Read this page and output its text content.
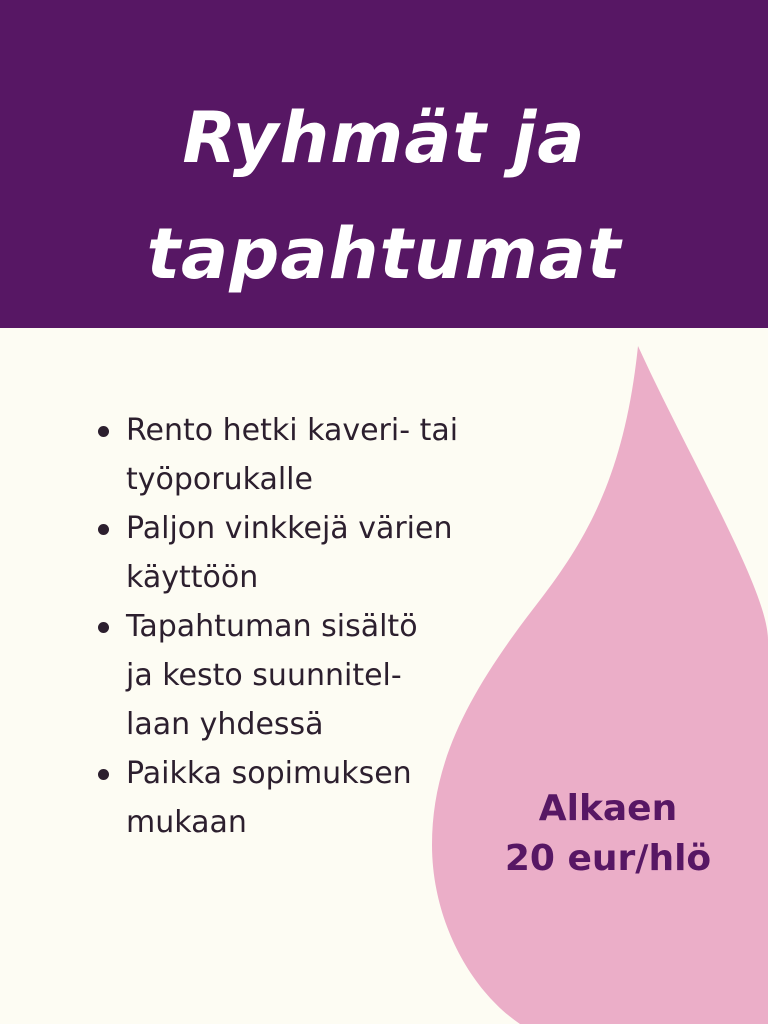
Ryhmät ja
tapahtumat
Rento hetki kaveri- tai
työporukalle
Paljon vinkkejä värien
käyttöön
Tapahtuman sisältö
ja kesto suunnitel-
laan yhdessä
Paikka sopimuksen
mukaan	Alkaen
20 eur/hlö
